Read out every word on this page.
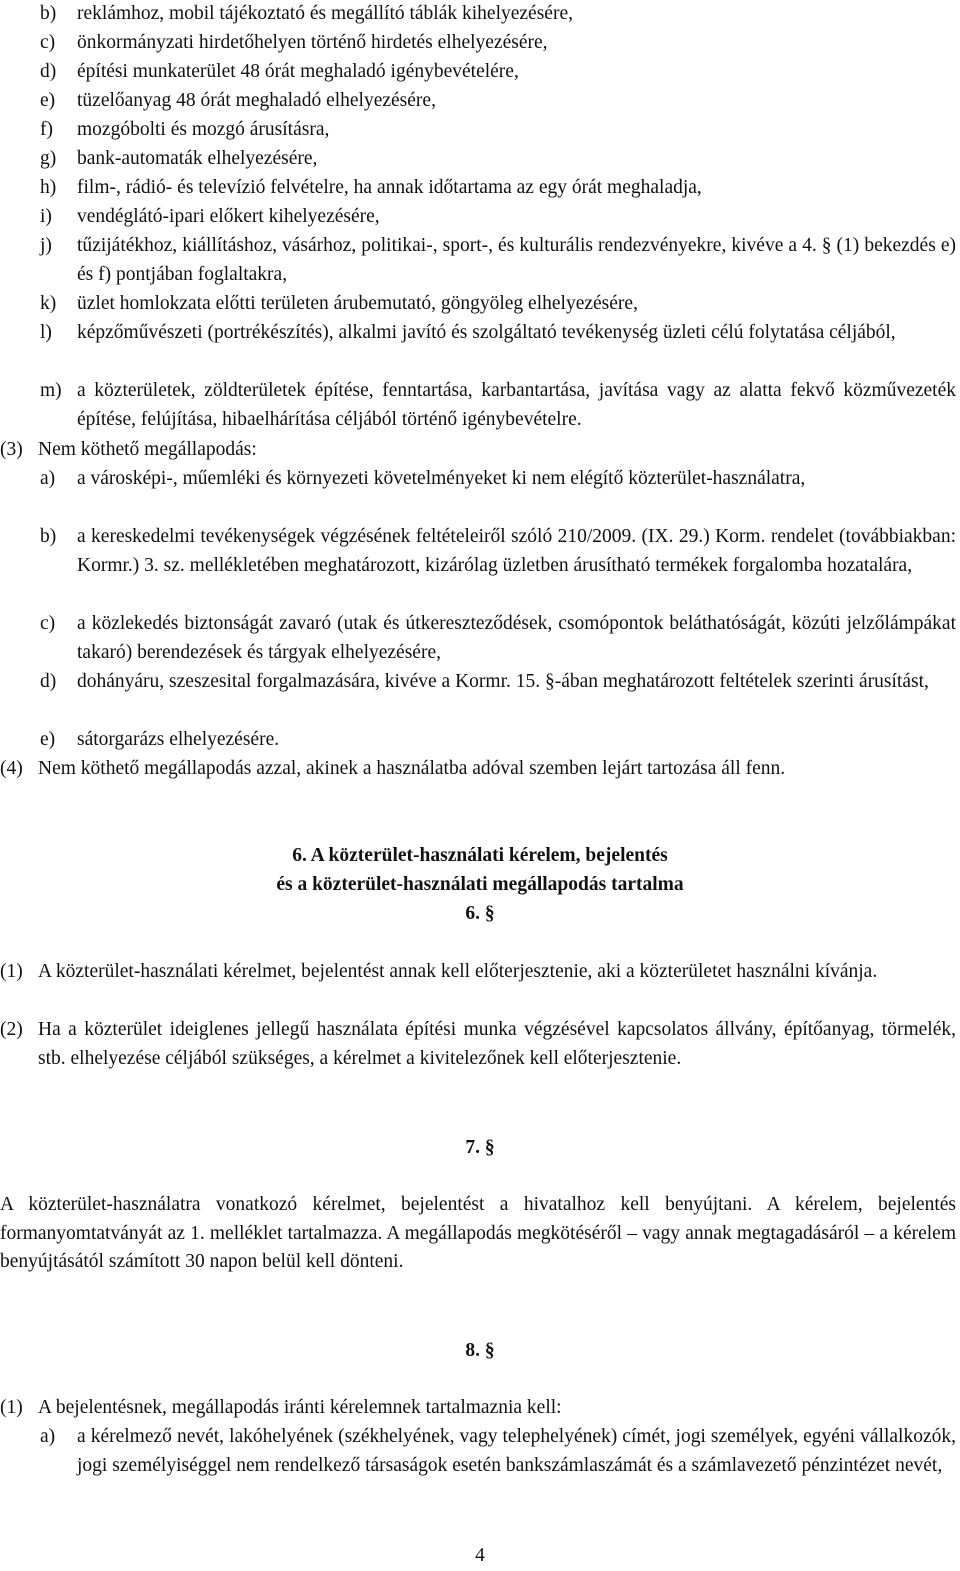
b) reklámhoz, mobil tájékoztató és megállító táblák kihelyezésére,
c) önkormányzati hirdetőhelyen történő hirdetés elhelyezésére,
d) építési munkaterület 48 órát meghaladó igénybevételére,
e) tüzelőanyag 48 órát meghaladó elhelyezésére,
f) mozgóbolti és mozgó árusításra,
g) bank-automaták elhelyezésére,
h) film-, rádió- és televízió felvételre, ha annak időtartama az egy órát meghaladja,
i) vendéglátó-ipari előkert kihelyezésére,
j) tűzijátékhoz, kiállításhoz, vásárhoz, politikai-, sport-, és kulturális rendezvényekre, kivéve a 4. § (1) bekezdés e) és f) pontjában foglaltakra,
k) üzlet homlokzata előtti területen árubemutató, göngyöleg elhelyezésére,
l) képzőművészeti (portrékészítés), alkalmi javító és szolgáltató tevékenység üzleti célú folytatása céljából,
m) a közterületek, zöldterületek építése, fenntartása, karbantartása, javítása vagy az alatta fekvő közművezeték építése, felújítása, hibaelhárítása céljából történő igénybevételre.
(3) Nem köthető megállapodás:
a) a városképi-, műemléki és környezeti követelményeket ki nem elégítő közterület-használatra,
b) a kereskedelmi tevékenységek végzésének feltételeiről szóló 210/2009. (IX. 29.) Korm. rendelet (továbbiakban: Kormr.) 3. sz. mellékletében meghatározott, kizárólag üzletben árusítható termékek forgalomba hozatalára,
c) a közlekedés biztonságát zavaró (utak és útkereszteződések, csomópontok beláthatóságát, közúti jelzőlámpákat takaró) berendezések és tárgyak elhelyezésére,
d) dohányáru, szeszesital forgalmazására, kivéve a Kormr. 15. §-ában meghatározott feltételek szerinti árusítást,
e) sátorgarázs elhelyezésére.
(4) Nem köthető megállapodás azzal, akinek a használatba adóval szemben lejárt tartozása áll fenn.
6. A közterület-használati kérelem, bejelentés
és a közterület-használati megállapodás tartalma
6. §
(1) A közterület-használati kérelmet, bejelentést annak kell előterjesztenie, aki a közterületet használni kívánja.
(2) Ha a közterület ideiglenes jellegű használata építési munka végzésével kapcsolatos állvány, építőanyag, törmelék, stb. elhelyezése céljából szükséges, a kérelmet a kivitelezőnek kell előterjesztenie.
7. §
A közterület-használatra vonatkozó kérelmet, bejelentést a hivatalhoz kell benyújtani. A kérelem, bejelentés formanyomtatványát az 1. melléklet tartalmazza. A megállapodás megkötéséről – vagy annak megtagadásáról – a kérelem benyújtásától számított 30 napon belül kell dönteni.
8. §
(1) A bejelentésnek, megállapodás iránti kérelemnek tartalmaznia kell:
a) a kérelmező nevét, lakóhelyének (székhelyének, vagy telephelyének) címét, jogi személyek, egyéni vállalkozók, jogi személyiséggel nem rendelkező társaságok esetén bankszámlaszámát és a számlavezető pénzintézet nevét,
4
